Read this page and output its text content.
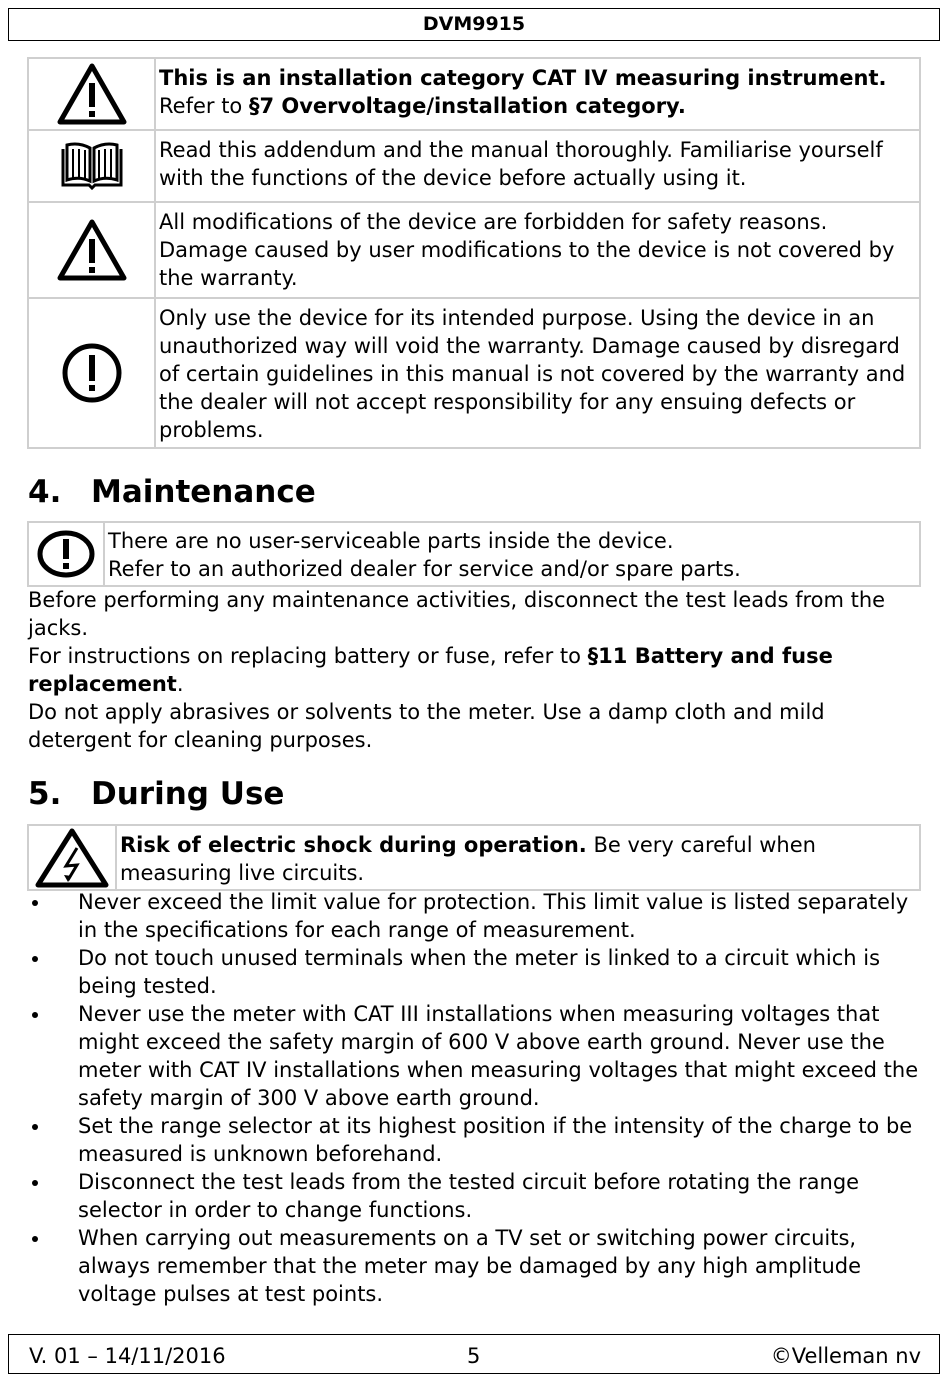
DVM9915
	This is an installation category CAT IV measuring instrument. Refer to §7 Overvoltage/installation category.

	Read this addendum and the manual thoroughly. Familiarise yourself with the functions of the device before actually using it.

	All modifications of the device are forbidden for safety reasons. Damage caused by user modifications to the device is not covered by the warranty.

	Only use the device for its intended purpose. Using the device in an unauthorized way will void the warranty. Damage caused by disregard of certain guidelines in this manual is not covered by the warranty and the dealer will not accept responsibility for any ensuing defects or problems.
4. Maintenance
	There are no user-serviceable parts inside the device.
Refer to an authorized dealer for service and/or spare parts.

Before performing any maintenance activities, disconnect the test leads from the jacks.

For instructions on replacing battery or fuse, refer to §11 Battery and fuse replacement.

Do not apply abrasives or solvents to the meter. Use a damp cloth and mild detergent for cleaning purposes.

5. During Use
	Risk of electric shock during operation. Be very careful when measuring live circuits.
Never exceed the limit value for protection. This limit value is listed separately in the specifications for each range of measurement.
Do not touch unused terminals when the meter is linked to a circuit which is being tested.
Never use the meter with CAT III installations when measuring voltages that might exceed the safety margin of 600 V above earth ground. Never use the meter with CAT IV installations when measuring voltages that might exceed the safety margin of 300 V above earth ground.
Set the range selector at its highest position if the intensity of the charge to be measured is unknown beforehand.
Disconnect the test leads from the tested circuit before rotating the range selector in order to change functions.
When carrying out measurements on a TV set or switching power circuits, always remember that the meter may be damaged by any high amplitude voltage pulses at test points.
V. 01 – 14/11/2016	5	©Velleman nv
